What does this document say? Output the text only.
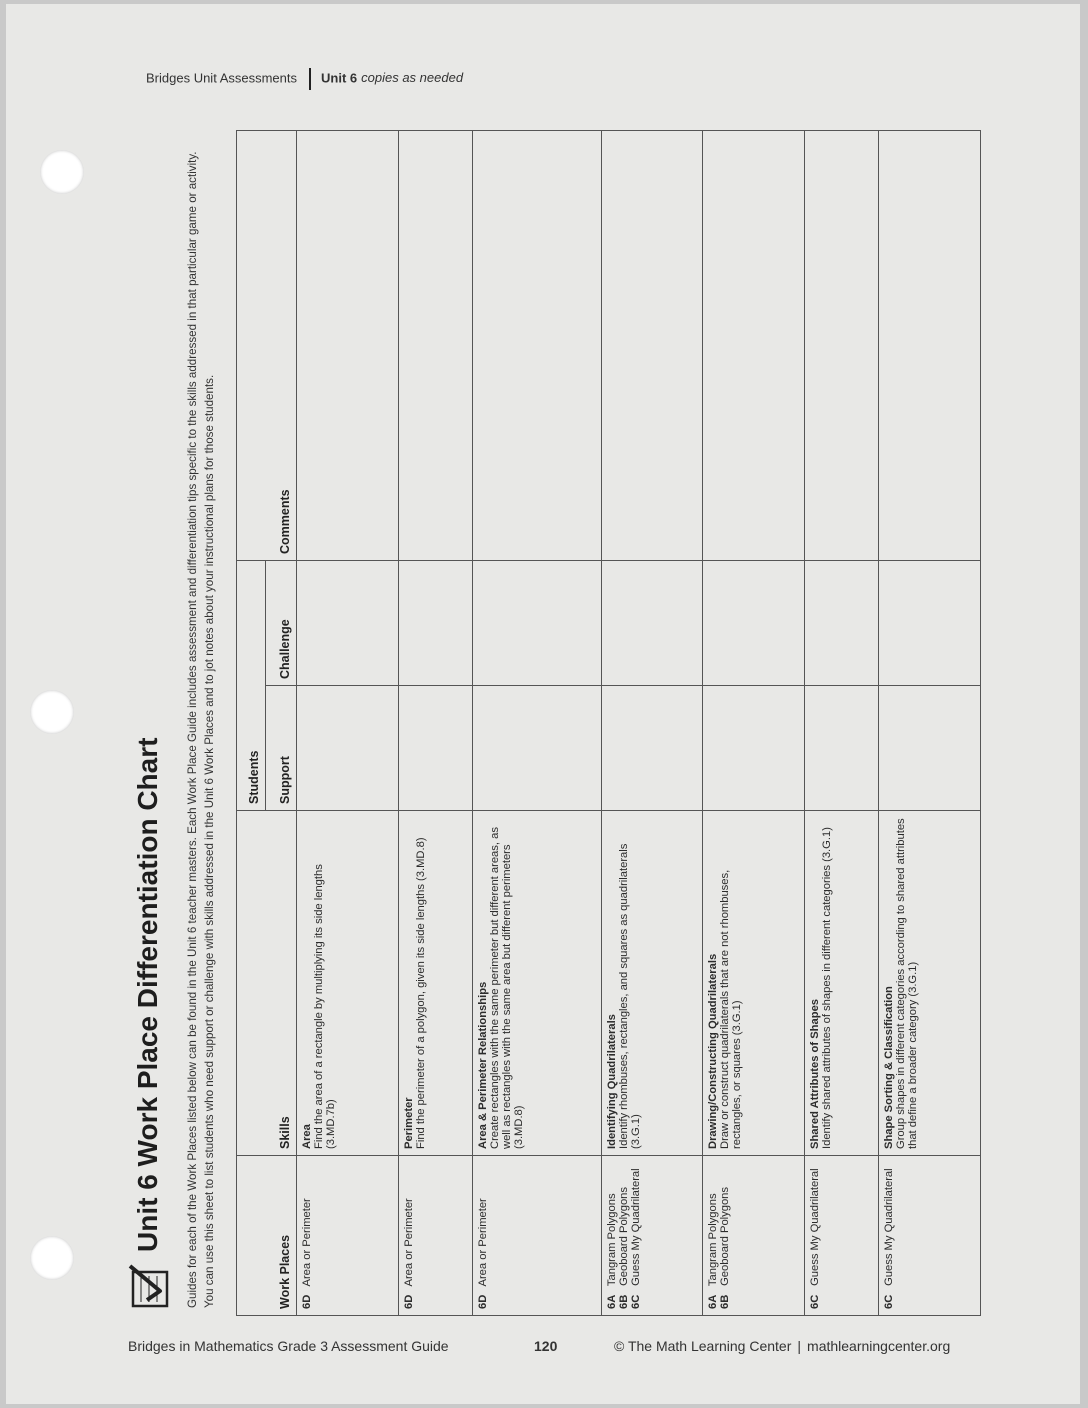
Bridges Unit Assessments Unit 6 copies as needed
Unit 6 Work Place Differentiation Chart Guides for each of the Work Places listed below can be found in the Unit 6 teacher masters. Each Work Place Guide includes assessment and differentiation tips specific to the skills addressed in that particular game or activity. You can use this sheet to list students who need support or challenge with skills addressed in the Unit 6 Work Places and to jot notes about your instructional plans for those students.	Work Places	Skills	Students		Comments
		Support	Challenge	

6D Area or Perimeter	Area Find the area of a rectangle by multiplying its side lengths (3.MD.7b)			

6D Area or Perimeter	Perimeter Find the perimeter of a polygon, given its side lengths (3.MD.8)			

6D Area or Perimeter	Area & Perimeter Relationships Create rectangles with the same perimeter but different areas, as well as rectangles with the same area but different perimeters (3.MD.8)			

6A Tangram Polygons
6B Geoboard Polygons
6C Guess My Quadrilateral	Identifying Quadrilaterals Identify rhombuses, rectangles, and squares as quadrilaterals (3.G.1)			

6A Tangram Polygons
6B Geoboard Polygons	Drawing/Constructing Quadrilaterals Draw or construct quadrilaterals that are not rhombuses, rectangles, or squares (3.G.1)			

6C Guess My Quadrilateral	Shared Attributes of Shapes Identify shared attributes of shapes in different categories (3.G.1)			

6C Guess My Quadrilateral	Shape Sorting & Classification Group shapes in different categories according to shared attributes that define a broader category (3.G.1)			

Bridges in Mathematics Grade 3 Assessment Guide	120	© The Math Learning Center | mathlearningcenter.org
